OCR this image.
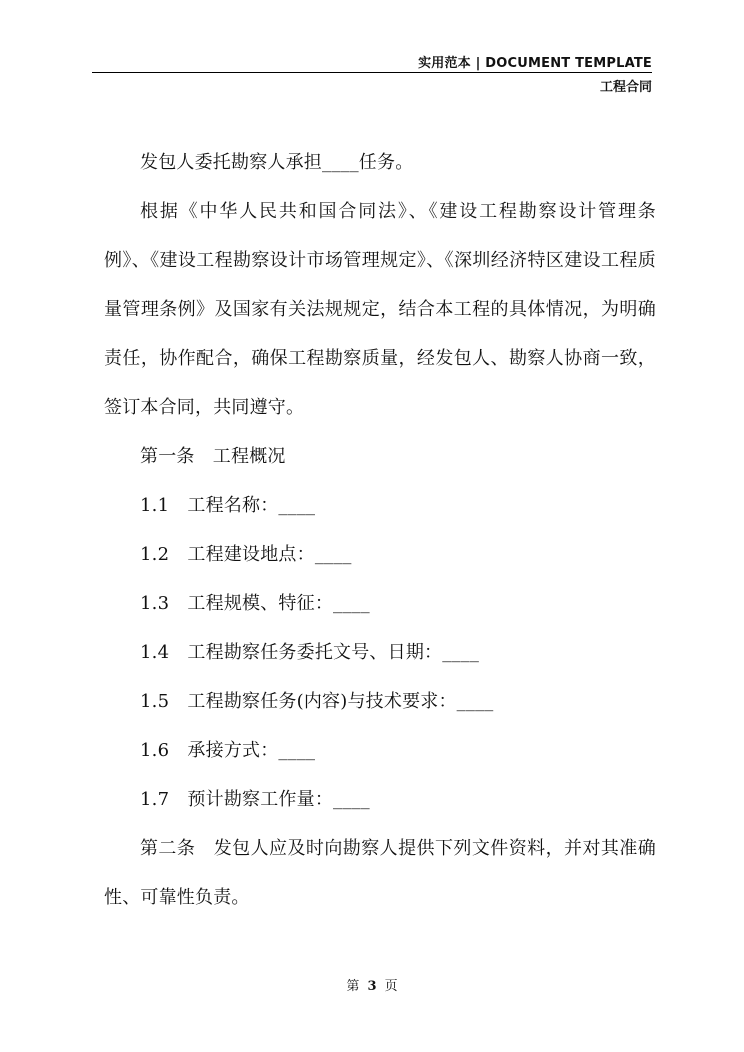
实用范本 | DOCUMENT TEMPLATE
工程合同

发包人委托勘察人承担____任务。

根据《中华人民共和国合同法》、《建设工程勘察设计管理条例》、《建设工程勘察设计市场管理规定》、《深圳经济特区建设工程质量管理条例》及国家有关法规规定，结合本工程的具体情况，为明确责任，协作配合，确保工程勘察质量，经发包人、勘察人协商一致，签订本合同，共同遵守。

第一条　工程概况

1.1　工程名称：____

1.2　工程建设地点：____

1.3　工程规模、特征：____

1.4　工程勘察任务委托文号、日期：____

1.5　工程勘察任务(内容)与技术要求：____

1.6　承接方式：____

1.7　预计勘察工作量：____

第二条　发包人应及时向勘察人提供下列文件资料，并对其准确性、可靠性负责。

第 3 页
